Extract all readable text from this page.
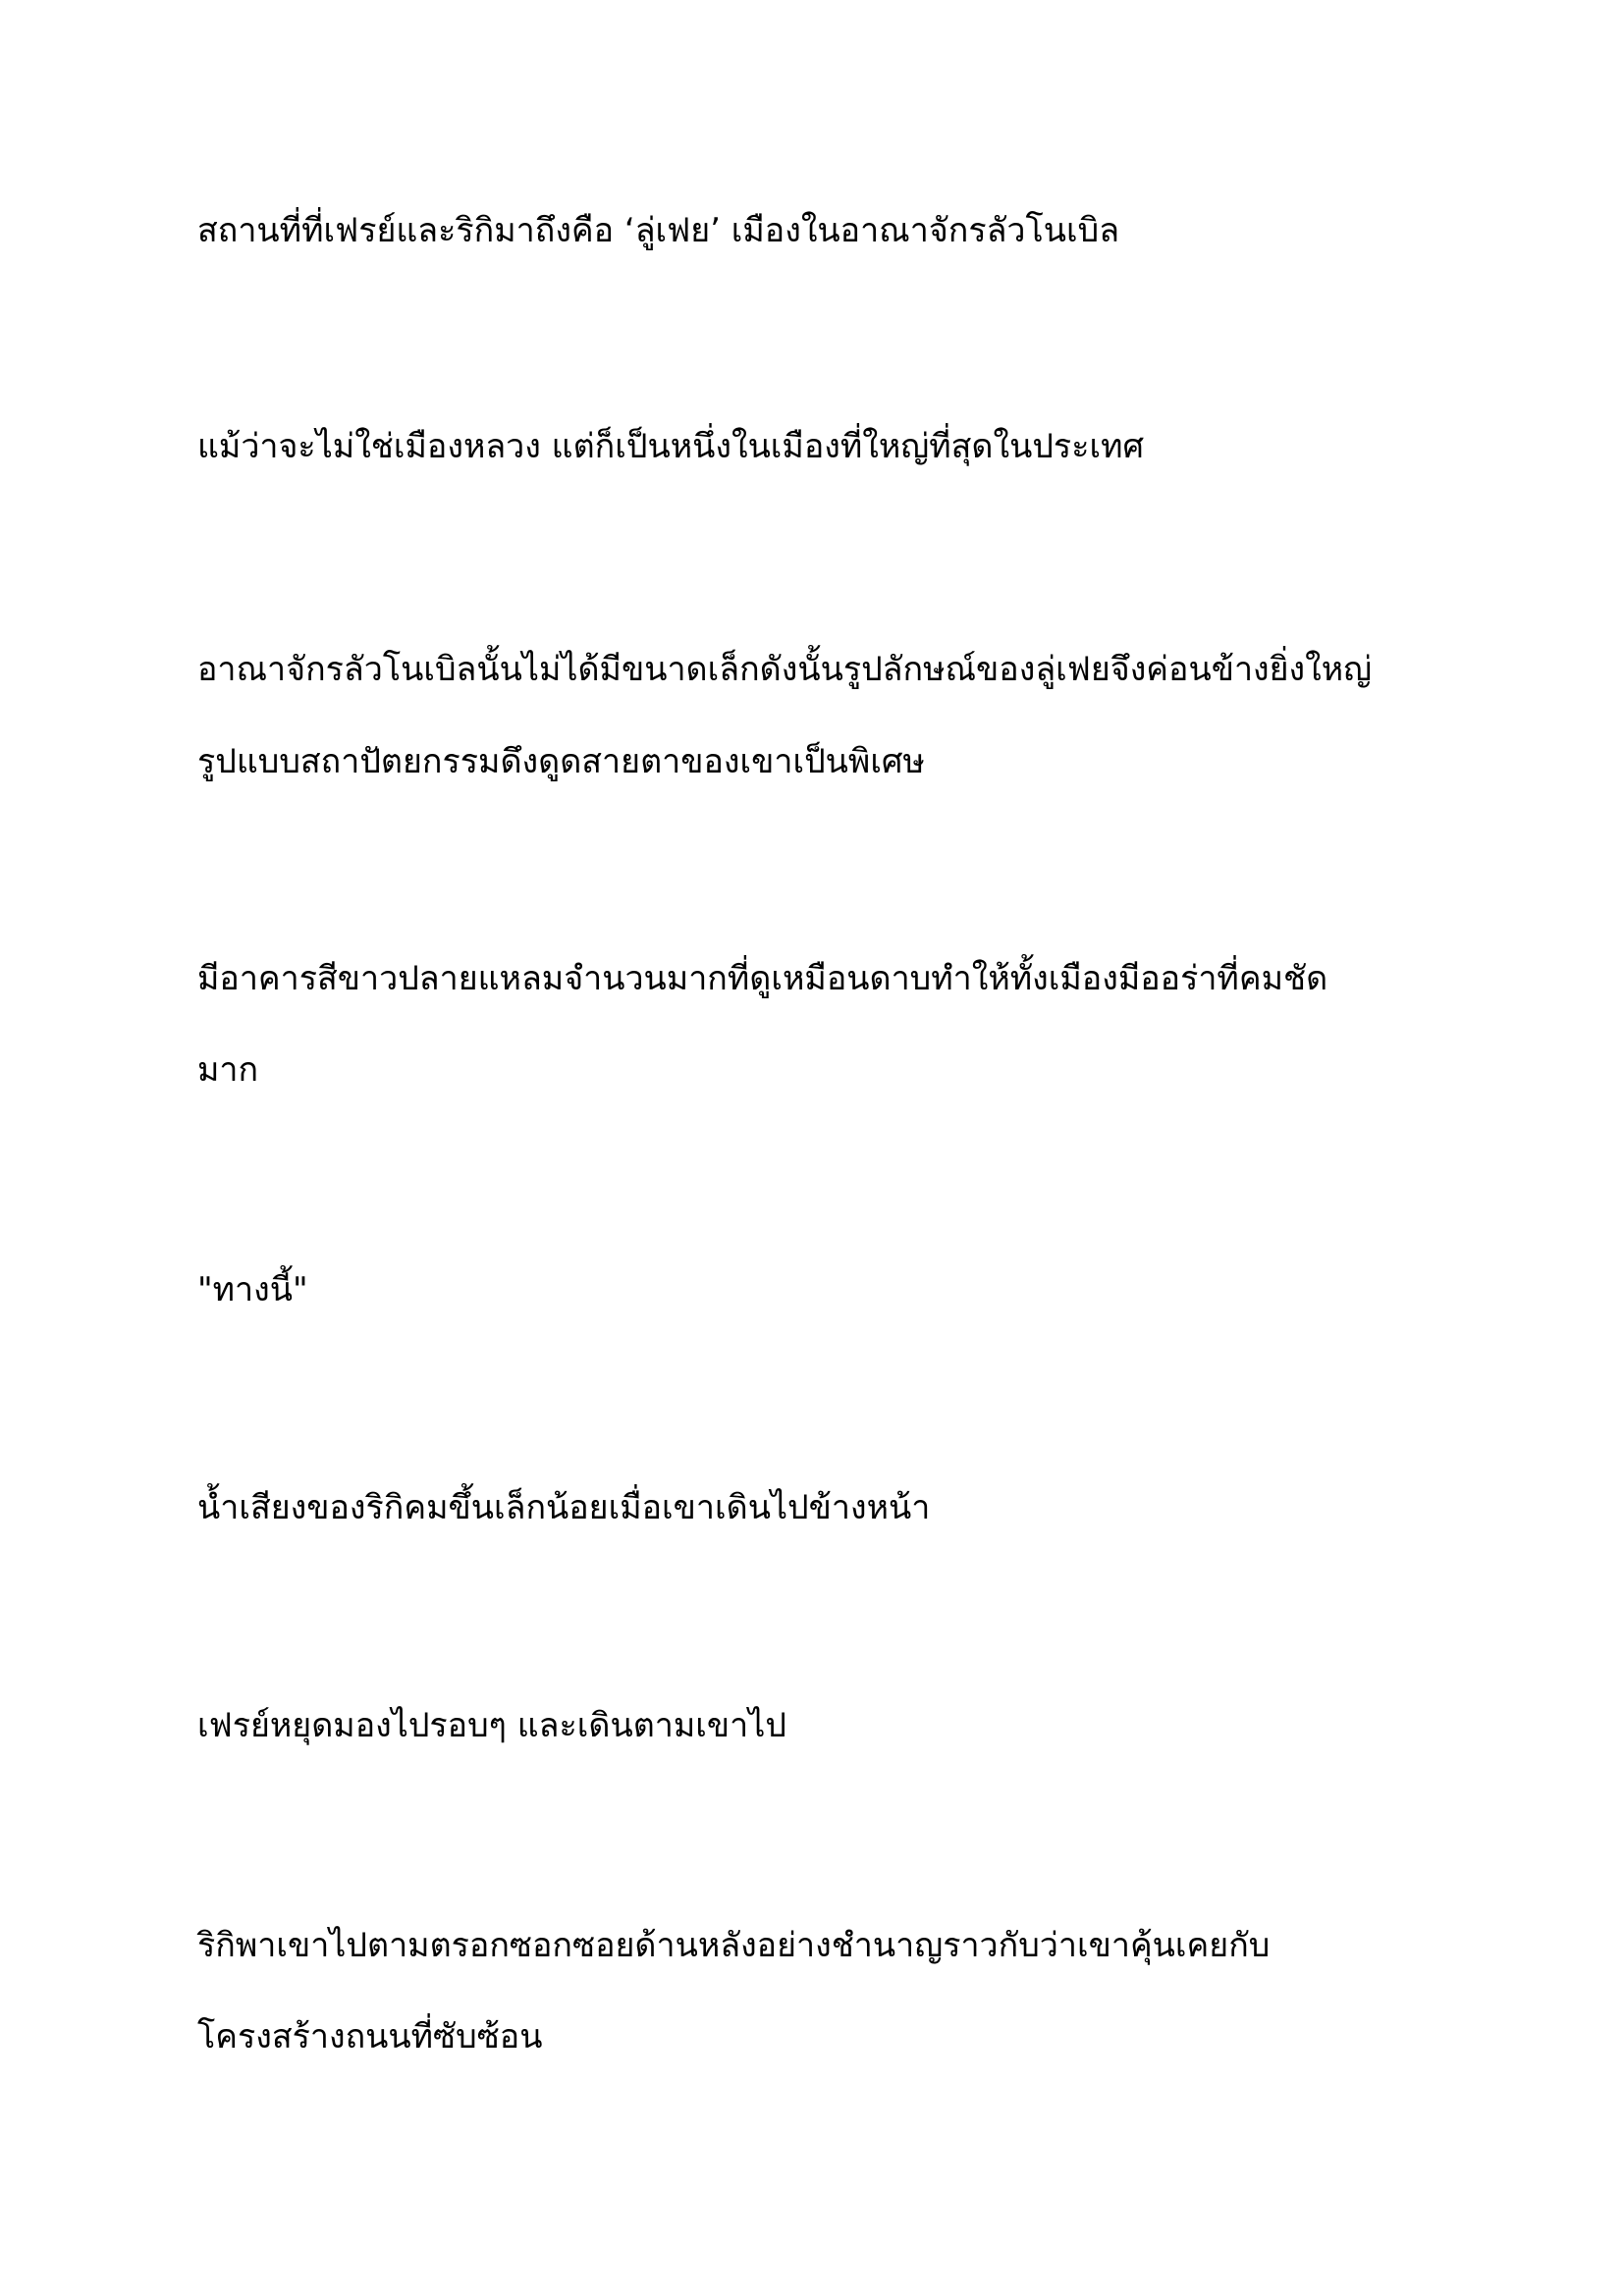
สถานที่ที่เฟรย์และริกิมาถึงคือ ‘ลู่เฟย’ เมืองในอาณาจักรลัวโนเบิล

แม้ว่าจะไม่ใช่เมืองหลวง แต่ก็เป็นหนึ่งในเมืองที่ใหญ่ที่สุดในประเทศ

อาณาจักรลัวโนเบิลนั้นไม่ได้มีขนาดเล็กดังนั้นรูปลักษณ์ของลู่เฟยจึงค่อนข้างยิ่งใหญ่

รูปแบบสถาปัตยกรรมดึงดูดสายตาของเขาเป็นพิเศษ

มีอาคารสีขาวปลายแหลมจำนวนมากที่ดูเหมือนดาบทำให้ทั้งเมืองมีออร่าที่คมชัด

มาก

"ทางนี้"

น้ำเสียงของริกิคมขึ้นเล็กน้อยเมื่อเขาเดินไปข้างหน้า

เฟรย์หยุดมองไปรอบๆ และเดินตามเขาไป

ริกิพาเขาไปตามตรอกซอกซอยด้านหลังอย่างชำนาญราวกับว่าเขาคุ้นเคยกับ

โครงสร้างถนนที่ซับซ้อน
